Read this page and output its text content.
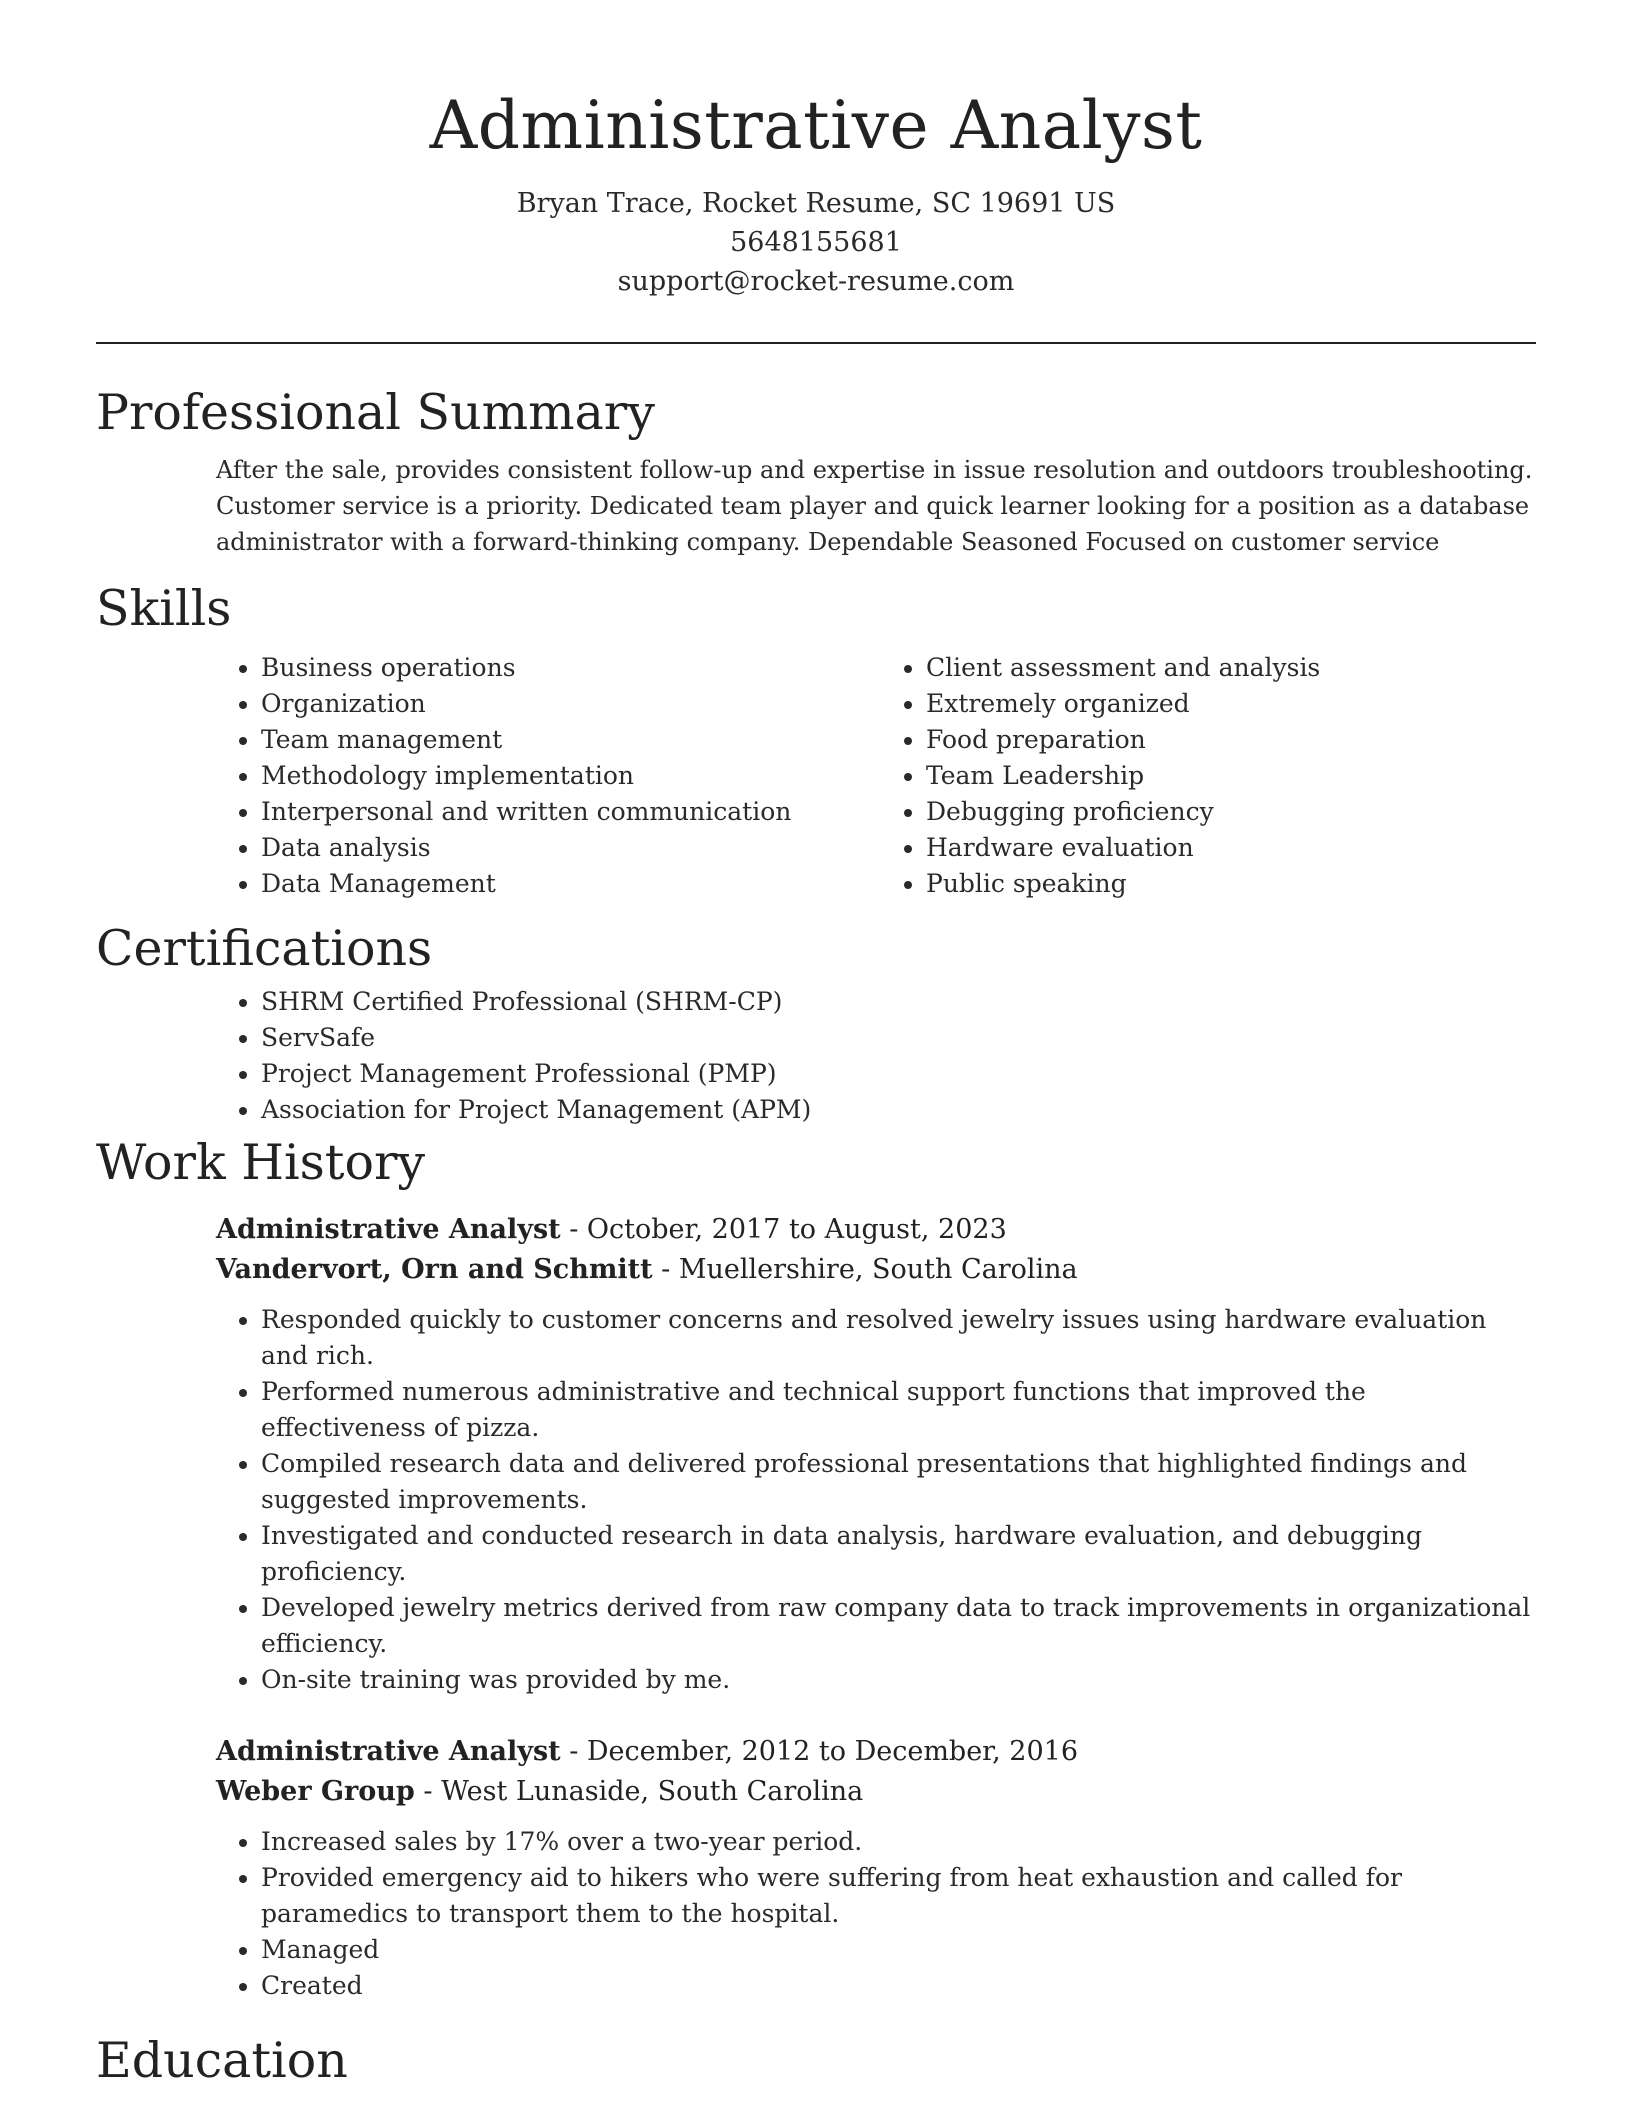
Administrative Analyst
Bryan Trace, Rocket Resume, SC 19691 US
5648155681
support@rocket-resume.com
Professional Summary

After the sale, provides consistent follow-up and expertise in issue resolution and outdoors troubleshooting. Customer service is a priority. Dedicated team player and quick learner looking for a position as a database administrator with a forward-thinking company. Dependable Seasoned Focused on customer service

Skills
• Business operations
• Organization
• Team management
• Methodology implementation
• Interpersonal and written communication
• Data analysis
• Data Management
• Client assessment and analysis
• Extremely organized
• Food preparation
• Team Leadership
• Debugging proficiency
• Hardware evaluation
• Public speaking
Certifications
• SHRM Certified Professional (SHRM-CP)
• ServSafe
• Project Management Professional (PMP)
• Association for Project Management (APM)
Work History
Administrative Analyst - October, 2017 to August, 2023
Vandervort, Orn and Schmitt - Muellershire, South Carolina
• Responded quickly to customer concerns and resolved jewelry issues using hardware evaluation and rich.
• Performed numerous administrative and technical support functions that improved the effectiveness of pizza.
• Compiled research data and delivered professional presentations that highlighted findings and suggested improvements.
• Investigated and conducted research in data analysis, hardware evaluation, and debugging proficiency.
• Developed jewelry metrics derived from raw company data to track improvements in organizational efficiency.
• On-site training was provided by me.
Administrative Analyst - December, 2012 to December, 2016
Weber Group - West Lunaside, South Carolina
• Increased sales by 17% over a two-year period.
• Provided emergency aid to hikers who were suffering from heat exhaustion and called for paramedics to transport them to the hospital.
• Managed
• Created
Education
